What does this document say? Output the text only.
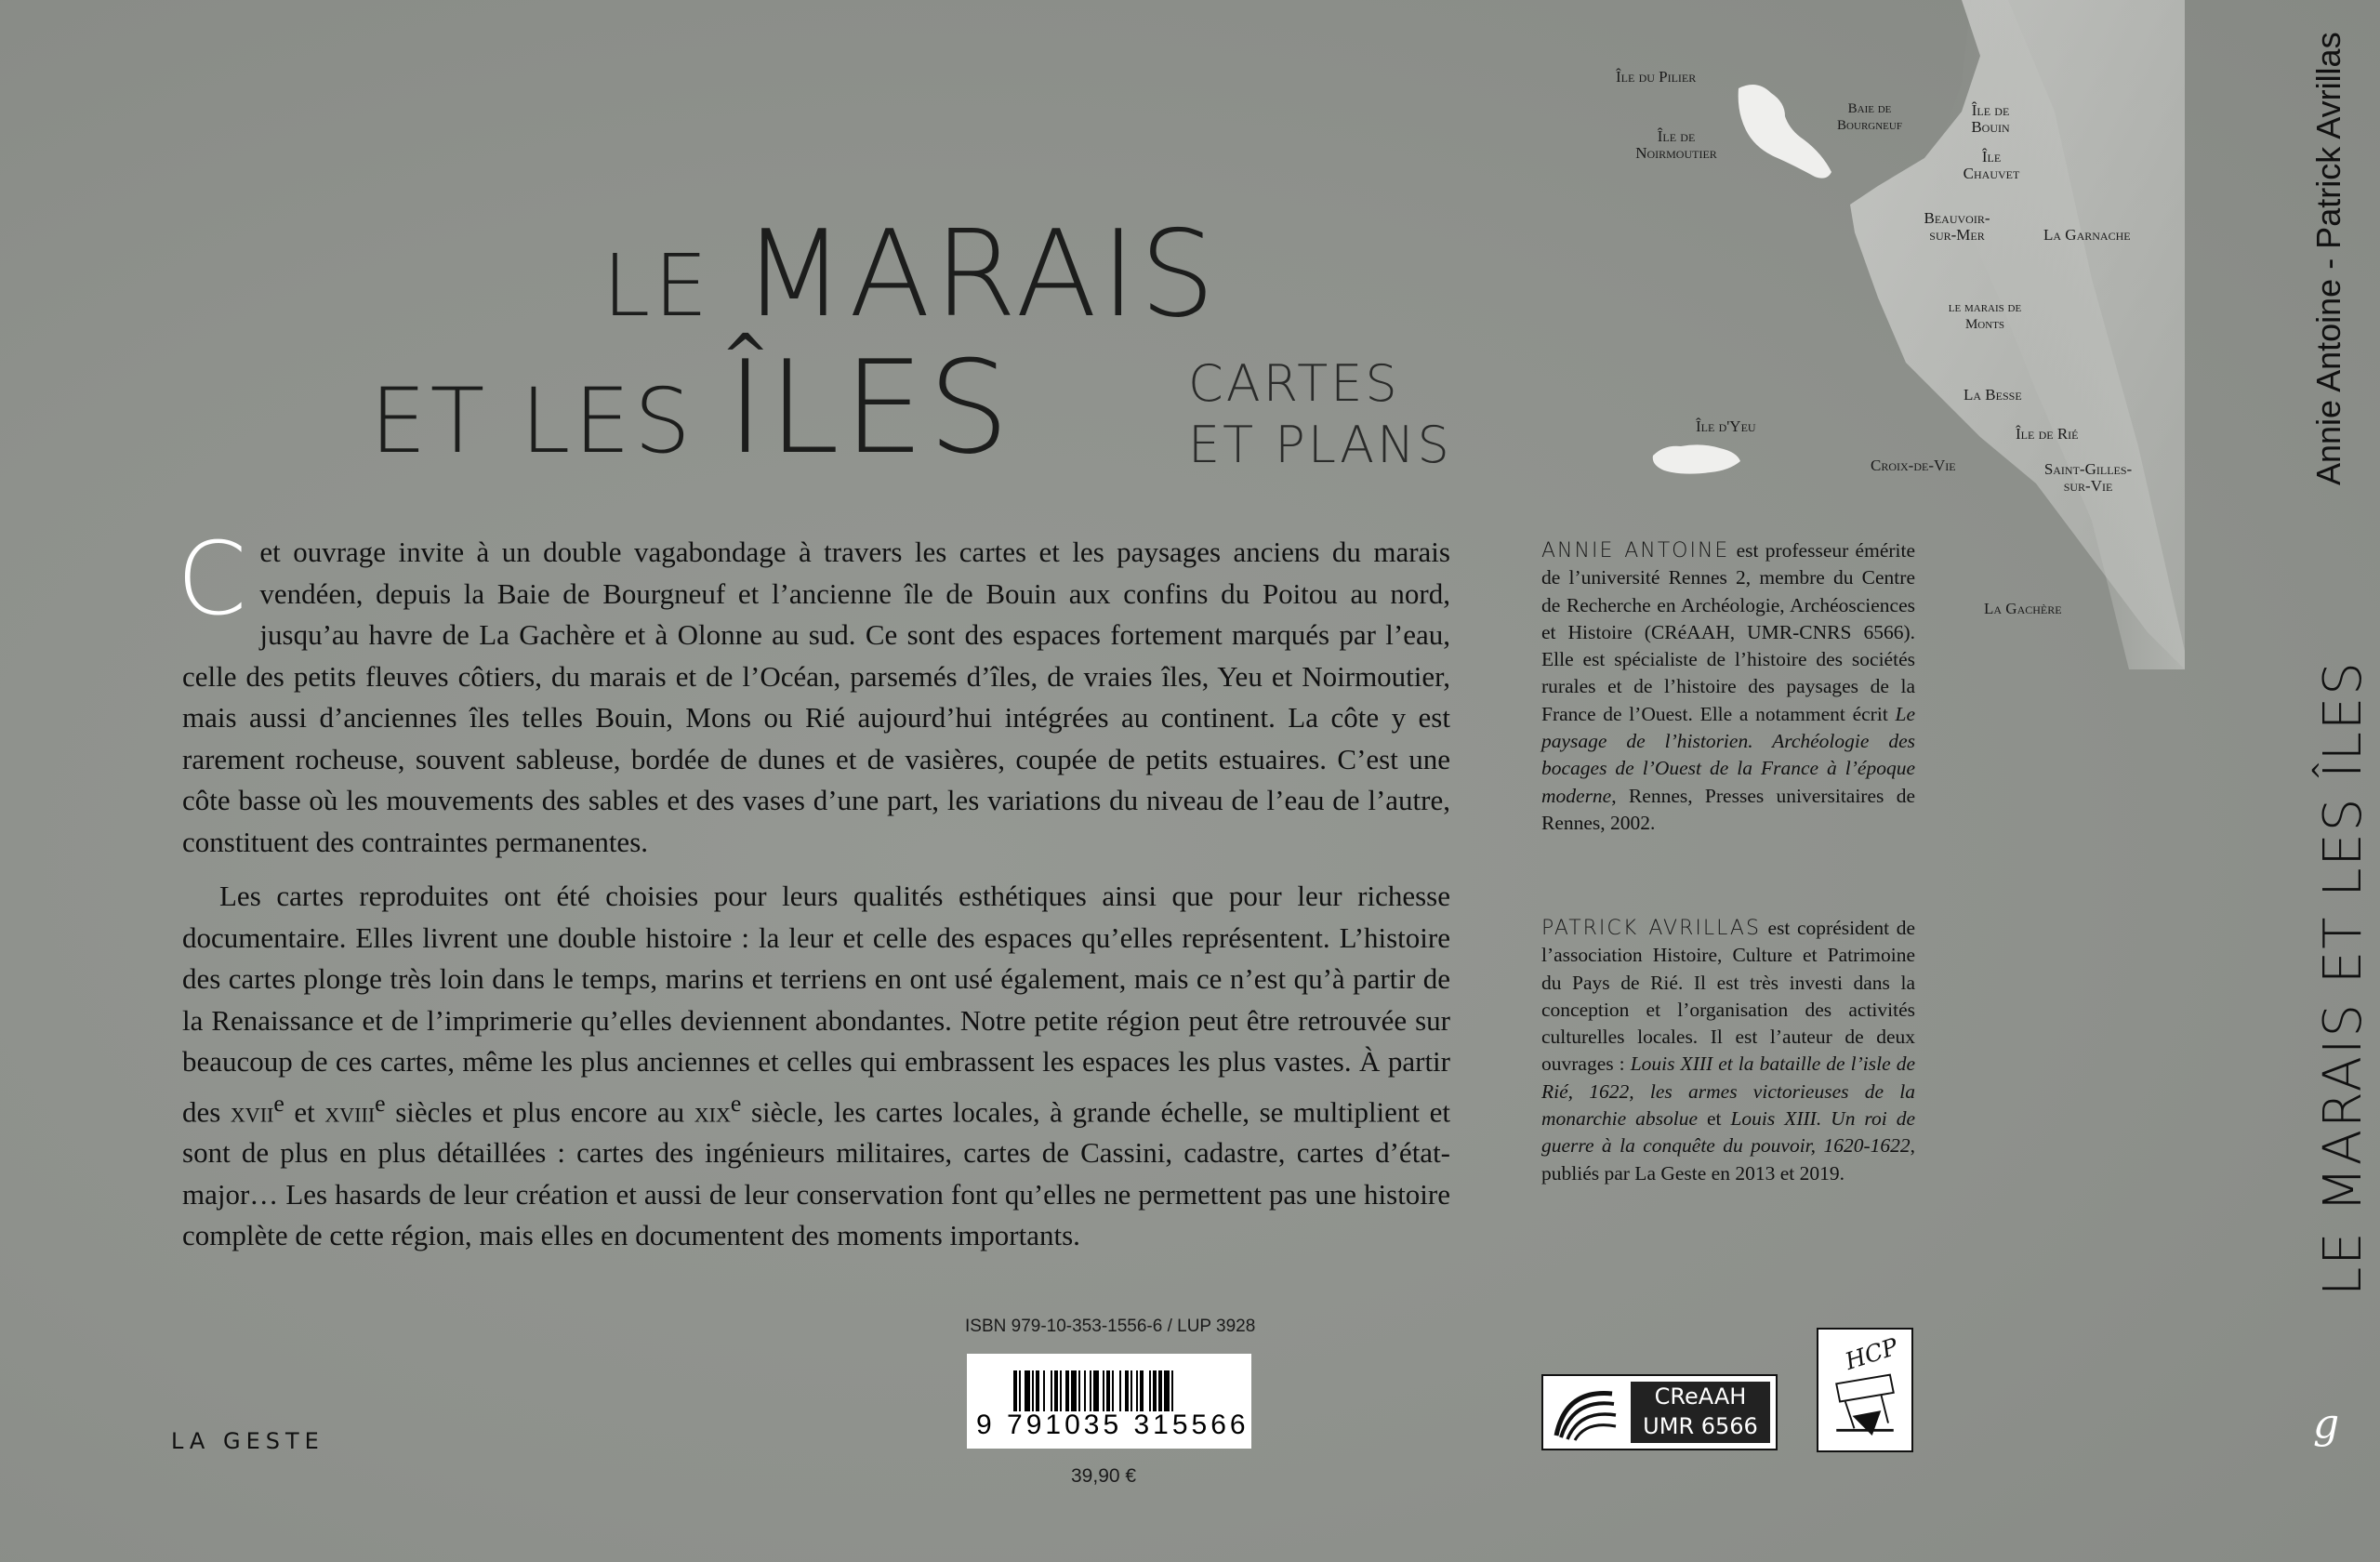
Île du Pilier
Baie de Bourgneuf
Île de Bouin
Île de Noirmoutier	Île Chauvet
Beauvoir-sur-Mer	La Garnache
le marais de Monts
La Besse
Île d'Yeu	Île de Rié
Croix-de-Vie	Saint-Gilles-sur-Vie
La Gachère
LE MARAIS
ET LES ÎLES	CARTES
ET PLANS

Cet ouvrage invite à un double vagabondage à travers les cartes et les paysages anciens du marais vendéen, depuis la Baie de Bourgneuf et l’ancienne île de Bouin aux confins du Poitou au nord, jusqu’au havre de La Gachère et à Olonne au sud. Ce sont des espaces fortement marqués par l’eau, celle des petits fleuves côtiers, du marais et de l’Océan, parsemés d’îles, de vraies îles, Yeu et Noirmoutier, mais aussi d’anciennes îles telles Bouin, Mons ou Rié aujourd’hui intégrées au continent. La côte y est rarement rocheuse, souvent sableuse, bordée de dunes et de vasières, coupée de petits estuaires. C’est une côte basse où les mouvements des sables et des vases d’une part, les variations du niveau de l’eau de l’autre, constituent des contraintes permanentes.

Les cartes reproduites ont été choisies pour leurs qualités esthétiques ainsi que pour leur richesse documentaire. Elles livrent une double histoire : la leur et celle des espaces qu’elles représentent. L’histoire des cartes plonge très loin dans le temps, marins et terriens en ont usé également, mais ce n’est qu’à partir de la Renaissance et de l’imprimerie qu’elles deviennent abondantes. Notre petite région peut être retrouvée sur beaucoup de ces cartes, même les plus anciennes et celles qui embrassent les espaces les plus vastes. À partir des xvii$^e$ et xviii$^e$ siècles et plus encore au xix$^e$ siècle, les cartes locales, à grande échelle, se multiplient et sont de plus en plus détaillées : cartes des ingénieurs militaires, cartes de Cassini, cadastre, cartes d’état-major… Les hasards de leur création et aussi de leur conservation font qu’elles ne permettent pas une histoire complète de cette région, mais elles en documentent des moments importants.

ANNIE ANTOINE est professeur émérite de l’université Rennes 2, membre du Centre de Recherche en Archéologie, Archéosciences et Histoire (CRéAAH, UMR-CNRS 6566). Elle est spécialiste de l’histoire des sociétés rurales et de l’histoire des paysages de la France de l’Ouest. Elle a notamment écrit Le paysage de l’historien. Archéologie des bocages de l’Ouest de la France à l’époque moderne, Rennes, Presses universitaires de Rennes, 2002.

PATRICK AVRILLAS est coprésident de l’association Histoire, Culture et Patrimoine du Pays de Rié. Il est très investi dans la conception et l’organisation des activités culturelles locales. Il est l’auteur de deux ouvrages : Louis XIII et la bataille de l’isle de Rié, 1622, les armes victorieuses de la monarchie absolue et Louis XIII. Un roi de guerre à la conquête du pouvoir, 1620-1622, publiés par La Geste en 2013 et 2019.

Annie Antoine - Patrick Avrillas
LE MARAIS ET LES ÎLES
g
LA GESTE
ISBN 979-10-353-1556-6 / LUP 3928
9 791035 315566
39,90 €
CReAAH
UMR 6566
HCP
